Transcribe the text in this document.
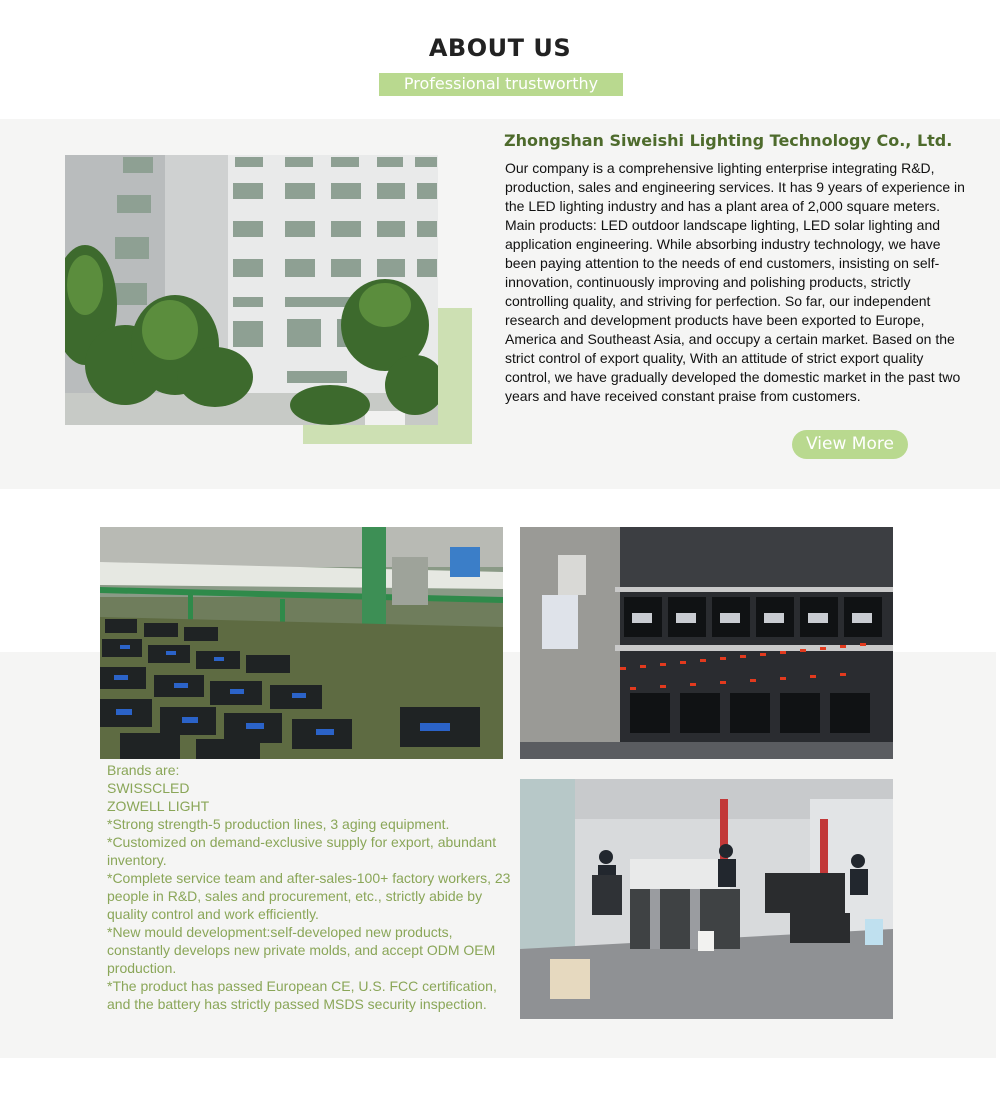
ABOUT US
Professional trustworthy
Zhongshan Siweishi Lighting Technology Co., Ltd.
Our company is a comprehensive lighting enterprise integrating R&D, production, sales and engineering services. It has 9 years of experience in the LED lighting industry and has a plant area of 2,000 square meters. Main products: LED outdoor landscape lighting, LED solar lighting and application engineering. While absorbing industry technology, we have been paying attention to the needs of end customers, insisting on self-innovation, continuously improving and polishing products, strictly controlling quality, and striving for perfection. So far, our independent research and development products have been exported to Europe, America and Southeast Asia, and occupy a certain market. Based on the strict control of export quality, With an attitude of strict export quality control, we have gradually developed the domestic market in the past two years and have received constant praise from customers.
View More
Brands are:
SWISSCLED
ZOWELL LIGHT
*Strong strength-5 production lines, 3 aging equipment.
*Customized on demand-exclusive supply for export, abundant inventory.
*Complete service team and after-sales-100+ factory workers, 23 people in R&D, sales and procurement, etc., strictly abide by quality control and work efficiently.
*New mould development:self-developed new products, constantly develops new private molds, and accept ODM OEM production.
*The product has passed European CE, U.S. FCC certification, and the battery has strictly passed MSDS security inspection.
